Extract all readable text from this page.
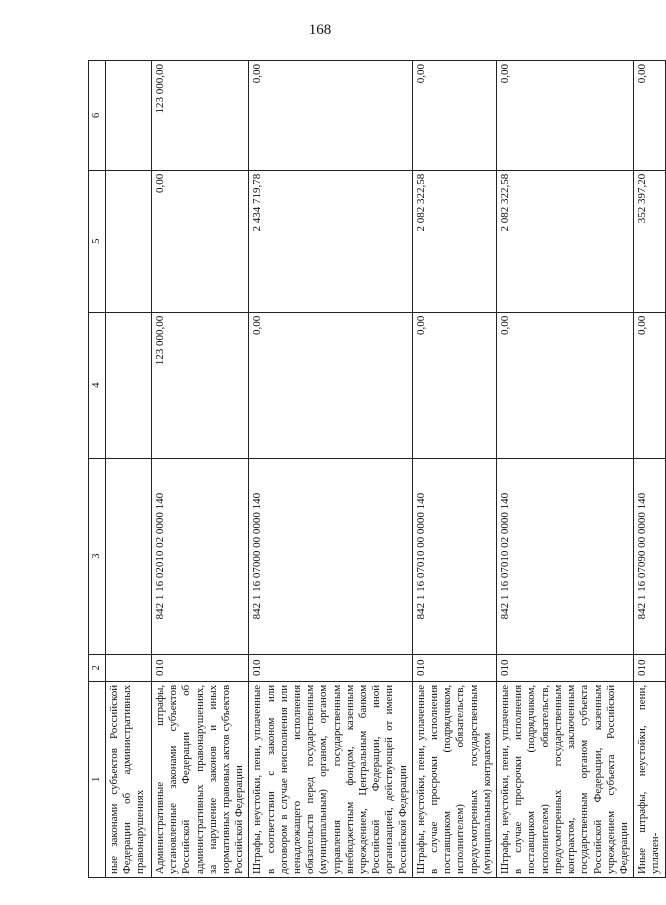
168
1	2	3	4	5	6
ные законами субъектов Российской Федерации об административных правонарушениях					
Административные штрафы, установленные законами субъектов Российской Федерации об административных правонарушениях, за нарушение законов и иных нормативных правовых актов субъектов Российской Федерации	010	842 1 16 02010 02 0000 140	123 000,00	0,00	123 000,00
Штрафы, неустойки, пени, уплаченные в соответствии с законом или договором в случае неисполнения или ненадлежащего исполнения обязательств перед государственным (муниципальным) органом, органом управления государственным внебюджетным фондом, казенным учреждением, Центральным банком Российской Федерации, иной организацией, действующей от имени Российской Федерации	010	842 1 16 07000 00 0000 140	0,00	2 434 719,78	0,00
Штрафы, неустойки, пени, уплаченные в случае просрочки исполнения поставщиком (подрядчиком, исполнителем) обязательств, предусмотренных государственным (муниципальным) контрактом	010	842 1 16 07010 00 0000 140	0,00	2 082 322,58	0,00
Штрафы, неустойки, пени, уплаченные в случае просрочки исполнения поставщиком (подрядчиком, исполнителем) обязательств, предусмотренных государственным контрактом, заключенным государственным органом субъекта Российской Федерации, казенным учреждением субъекта Российской Федерации	010	842 1 16 07010 02 0000 140	0,00	2 082 322,58	0,00
Иные штрафы, неустойки, пени, уплачен-	010	842 1 16 07090 00 0000 140	0,00	352 397,20	0,00
